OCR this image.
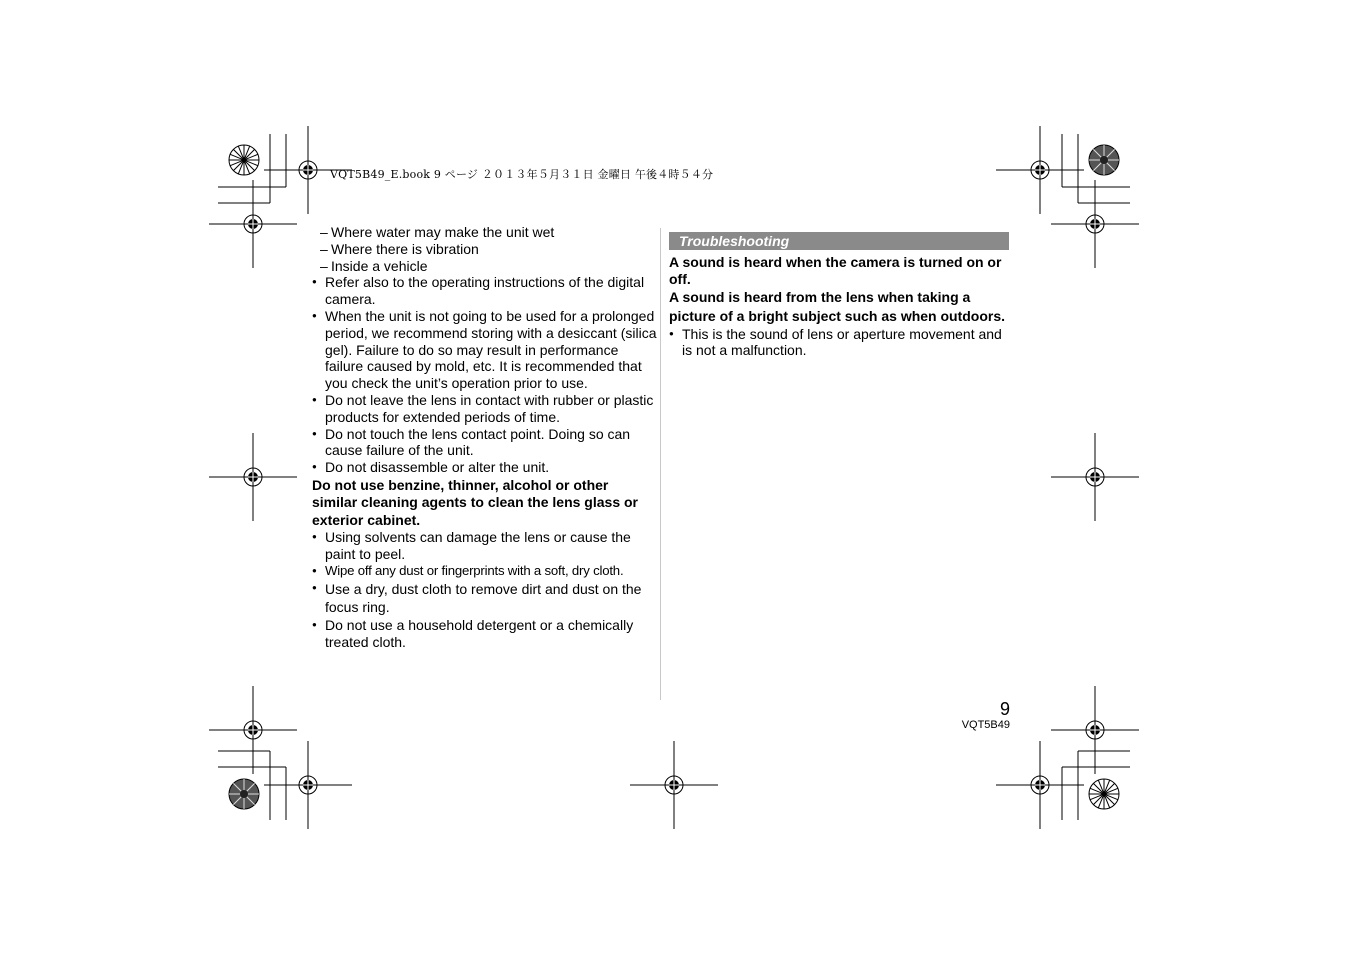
VQT5B49_E.book 9 ページ ２０１３年５月３１日 金曜日 午後４時５４分
– Where water may make the unit wet
– Where there is vibration
– Inside a vehicle
● Refer also to the operating instructions of the digital camera.
● When the unit is not going to be used for a prolonged period, we recommend storing with a desiccant (silica gel). Failure to do so may result in performance failure caused by mold, etc. It is recommended that you check the unit’s operation prior to use.
● Do not leave the lens in contact with rubber or plastic products for extended periods of time.
● Do not touch the lens contact point. Doing so can cause failure of the unit.
● Do not disassemble or alter the unit.
Do not use benzine, thinner, alcohol or other similar cleaning agents to clean the lens glass or exterior cabinet.
● Using solvents can damage the lens or cause the paint to peel.
● Wipe off any dust or fingerprints with a soft, dry cloth.
● Use a dry, dust cloth to remove dirt and dust on the focus ring.
● Do not use a household detergent or a chemically treated cloth.
Troubleshooting
A sound is heard when the camera is turned on or off.
A sound is heard from the lens when taking a picture of a bright subject such as when outdoors.
● This is the sound of lens or aperture movement and is not a malfunction.
9
VQT5B49
